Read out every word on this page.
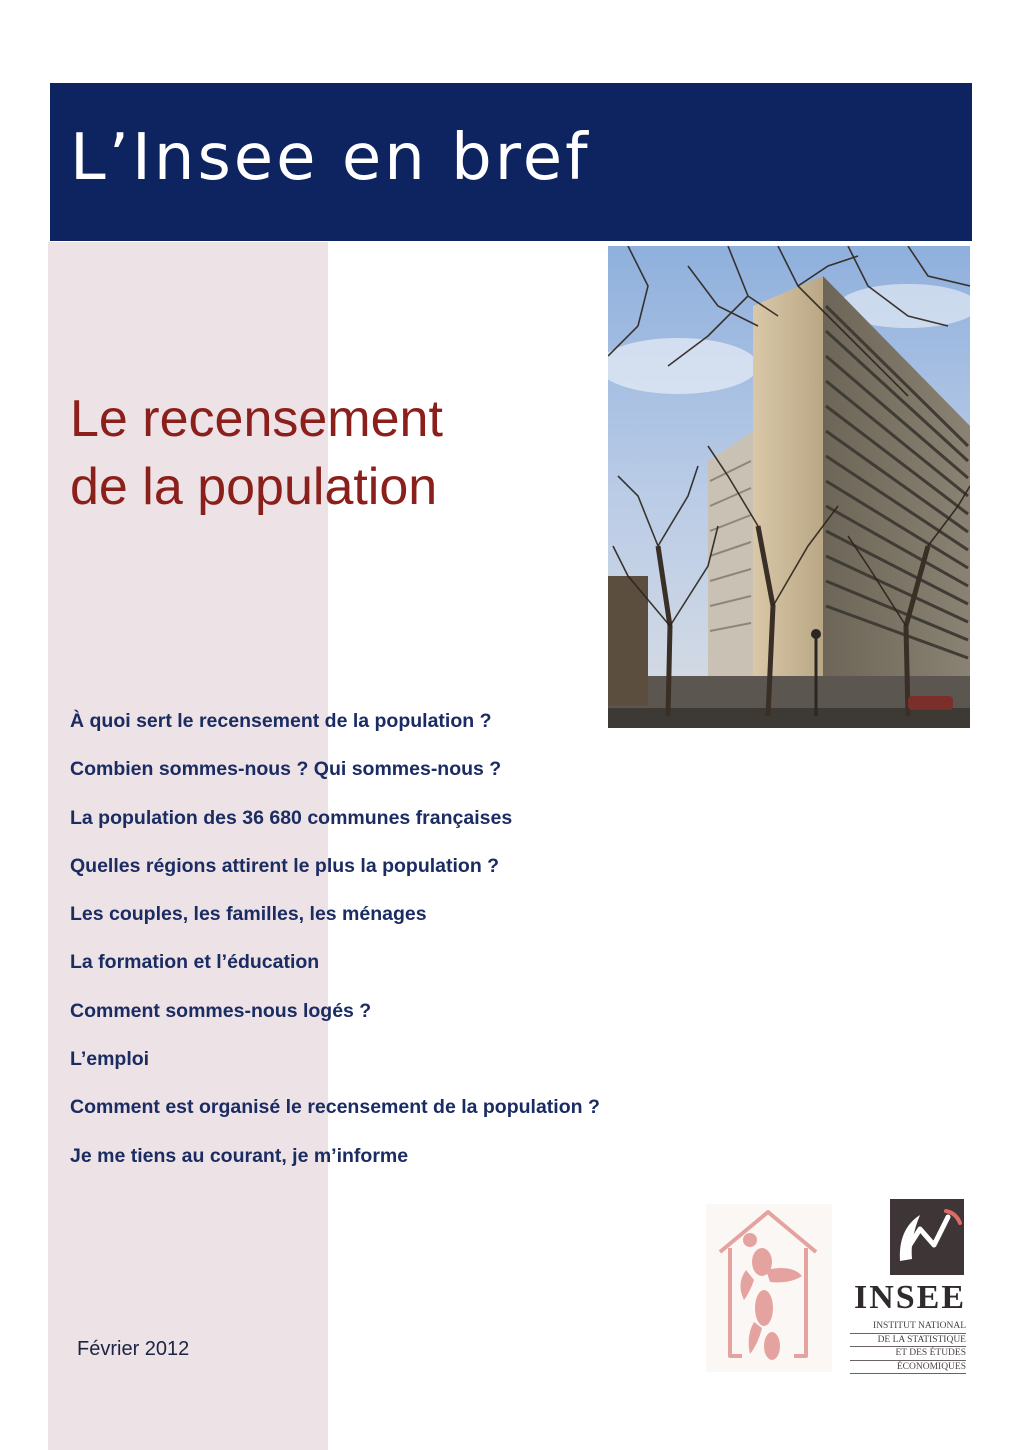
L’Insee en bref
Le recensement
de la population
À quoi sert le recensement de la population ?
Combien sommes-nous ? Qui sommes-nous ?
La population des 36 680 communes françaises
Quelles régions attirent le plus la population ?
Les couples, les familles, les ménages
La formation et l’éducation
Comment sommes-nous logés ?
L’emploi
Comment est organisé le recensement de la population ?
Je me tiens au courant, je m’informe
Février 2012
INSEE
INSTITUT NATIONAL
DE LA STATISTIQUE
ET DES ÉTUDES
ÉCONOMIQUES
